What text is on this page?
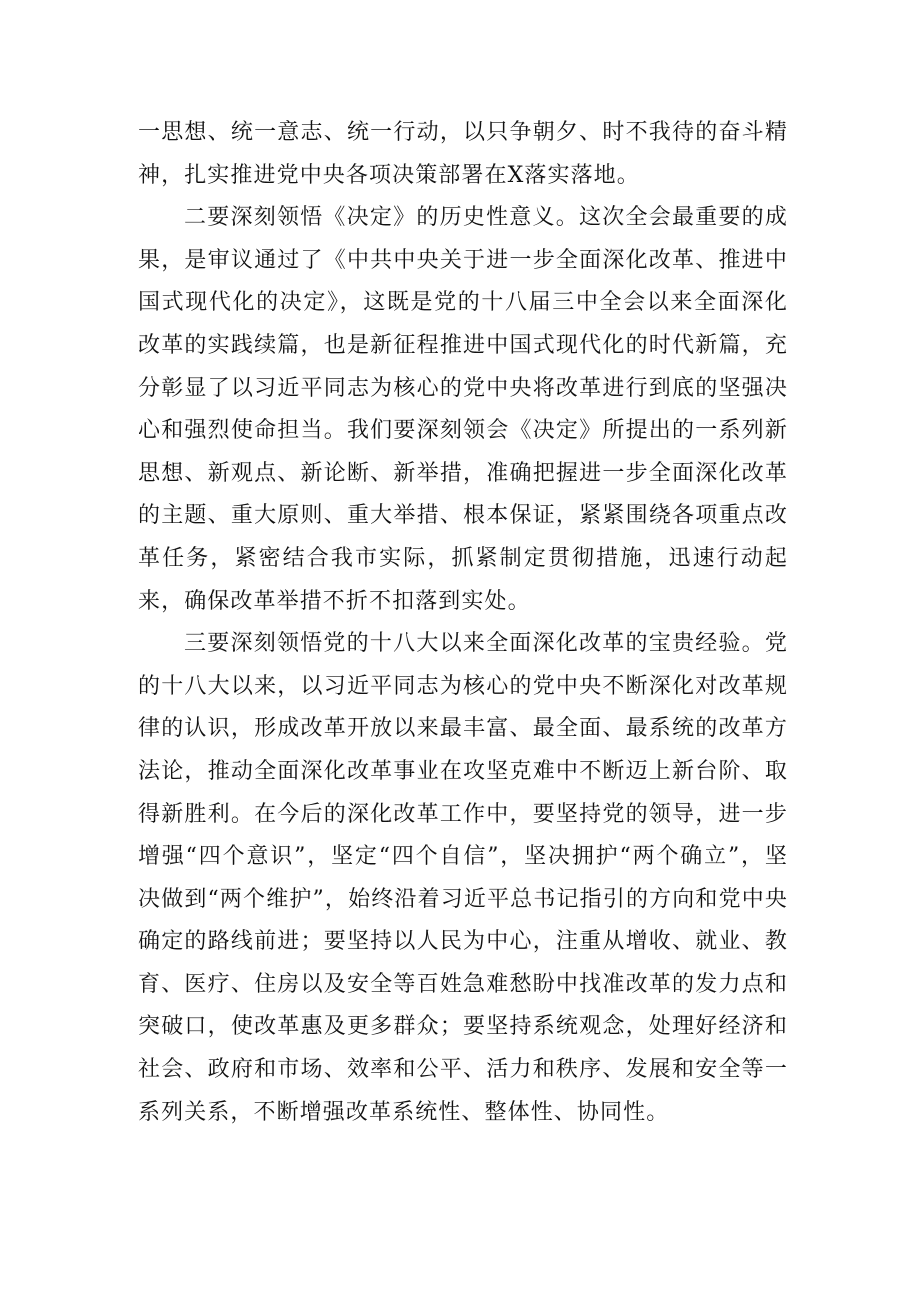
一思想、统一意志、统一行动，以只争朝夕、时不我待的奋斗精神，扎实推进党中央各项决策部署在X落实落地。

二要深刻领悟《决定》的历史性意义。这次全会最重要的成果，是审议通过了《中共中央关于进一步全面深化改革、推进中国式现代化的决定》，这既是党的十八届三中全会以来全面深化改革的实践续篇，也是新征程推进中国式现代化的时代新篇，充分彰显了以习近平同志为核心的党中央将改革进行到底的坚强决心和强烈使命担当。我们要深刻领会《决定》所提出的一系列新思想、新观点、新论断、新举措，准确把握进一步全面深化改革的主题、重大原则、重大举措、根本保证，紧紧围绕各项重点改革任务，紧密结合我市实际，抓紧制定贯彻措施，迅速行动起来，确保改革举措不折不扣落到实处。

三要深刻领悟党的十八大以来全面深化改革的宝贵经验。党的十八大以来，以习近平同志为核心的党中央不断深化对改革规律的认识，形成改革开放以来最丰富、最全面、最系统的改革方法论，推动全面深化改革事业在攻坚克难中不断迈上新台阶、取得新胜利。在今后的深化改革工作中，要坚持党的领导，进一步增强“四个意识”，坚定“四个自信”，坚决拥护“两个确立”，坚决做到“两个维护”，始终沿着习近平总书记指引的方向和党中央确定的路线前进；要坚持以人民为中心，注重从增收、就业、教育、医疗、住房以及安全等百姓急难愁盼中找准改革的发力点和突破口，使改革惠及更多群众；要坚持系统观念，处理好经济和社会、政府和市场、效率和公平、活力和秩序、发展和安全等一系列关系，不断增强改革系统性、整体性、协同性。
